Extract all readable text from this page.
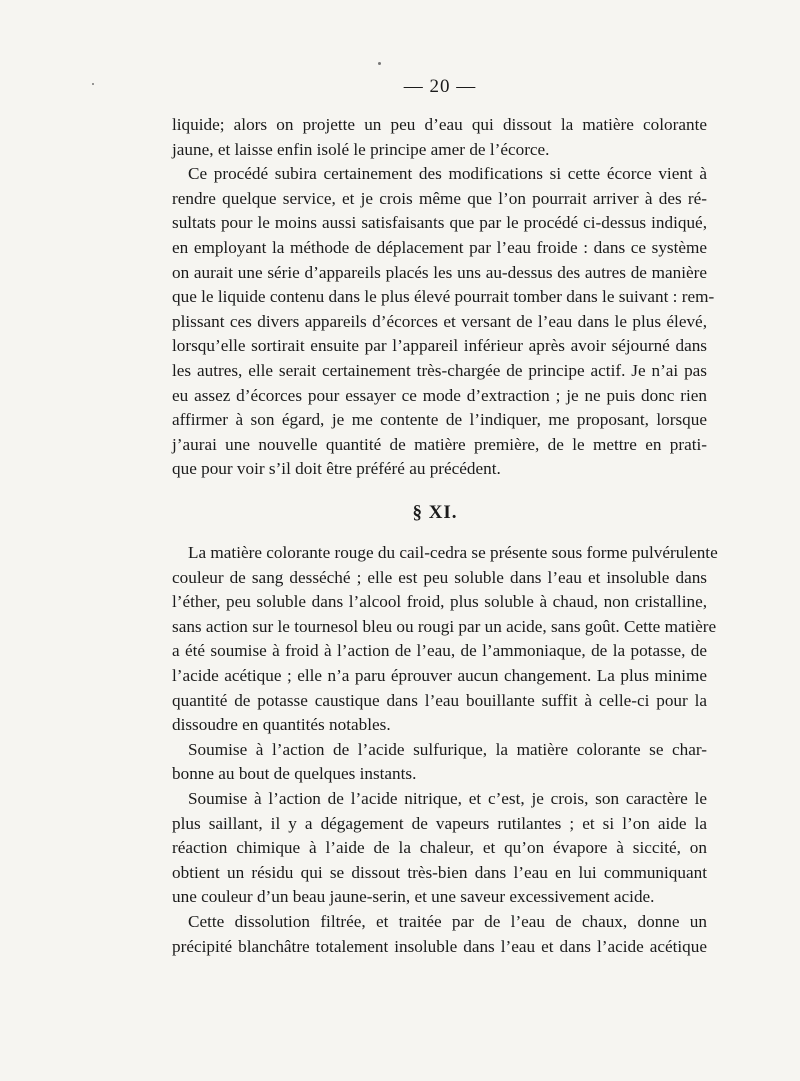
— 20 —
liquide; alors on projette un peu d’eau qui dissout la matière colorante
jaune, et laisse enfin isolé le principe amer de l’écorce.
Ce procédé subira certainement des modifications si cette écorce vient à
rendre quelque service, et je crois même que l’on pourrait arriver à des ré-
sultats pour le moins aussi satisfaisants que par le procédé ci-dessus indiqué,
en employant la méthode de déplacement par l’eau froide : dans ce système
on aurait une série d’appareils placés les uns au-dessus des autres de manière
que le liquide contenu dans le plus élevé pourrait tomber dans le suivant : rem-
plissant ces divers appareils d’écorces et versant de l’eau dans le plus élevé,
lorsqu’elle sortirait ensuite par l’appareil inférieur après avoir séjourné dans
les autres, elle serait certainement très-chargée de principe actif. Je n’ai pas
eu assez d’écorces pour essayer ce mode d’extraction ; je ne puis donc rien
affirmer à son égard, je me contente de l’indiquer, me proposant, lorsque
j’aurai une nouvelle quantité de matière première, de le mettre en prati-
que pour voir s’il doit être préféré au précédent.
§ XI.
La matière colorante rouge du cail-cedra se présente sous forme pulvérulente
couleur de sang desséché ; elle est peu soluble dans l’eau et insoluble dans
l’éther, peu soluble dans l’alcool froid, plus soluble à chaud, non cristalline,
sans action sur le tournesol bleu ou rougi par un acide, sans goût. Cette matière
a été soumise à froid à l’action de l’eau, de l’ammoniaque, de la potasse, de
l’acide acétique ; elle n’a paru éprouver aucun changement. La plus minime
quantité de potasse caustique dans l’eau bouillante suffit à celle-ci pour la
dissoudre en quantités notables.
Soumise à l’action de l’acide sulfurique, la matière colorante se char-
bonne au bout de quelques instants.
Soumise à l’action de l’acide nitrique, et c’est, je crois, son caractère le
plus saillant, il y a dégagement de vapeurs rutilantes ; et si l’on aide la
réaction chimique à l’aide de la chaleur, et qu’on évapore à siccité, on
obtient un résidu qui se dissout très-bien dans l’eau en lui communiquant
une couleur d’un beau jaune-serin, et une saveur excessivement acide.
Cette dissolution filtrée, et traitée par de l’eau de chaux, donne un
précipité blanchâtre totalement insoluble dans l’eau et dans l’acide acétique
